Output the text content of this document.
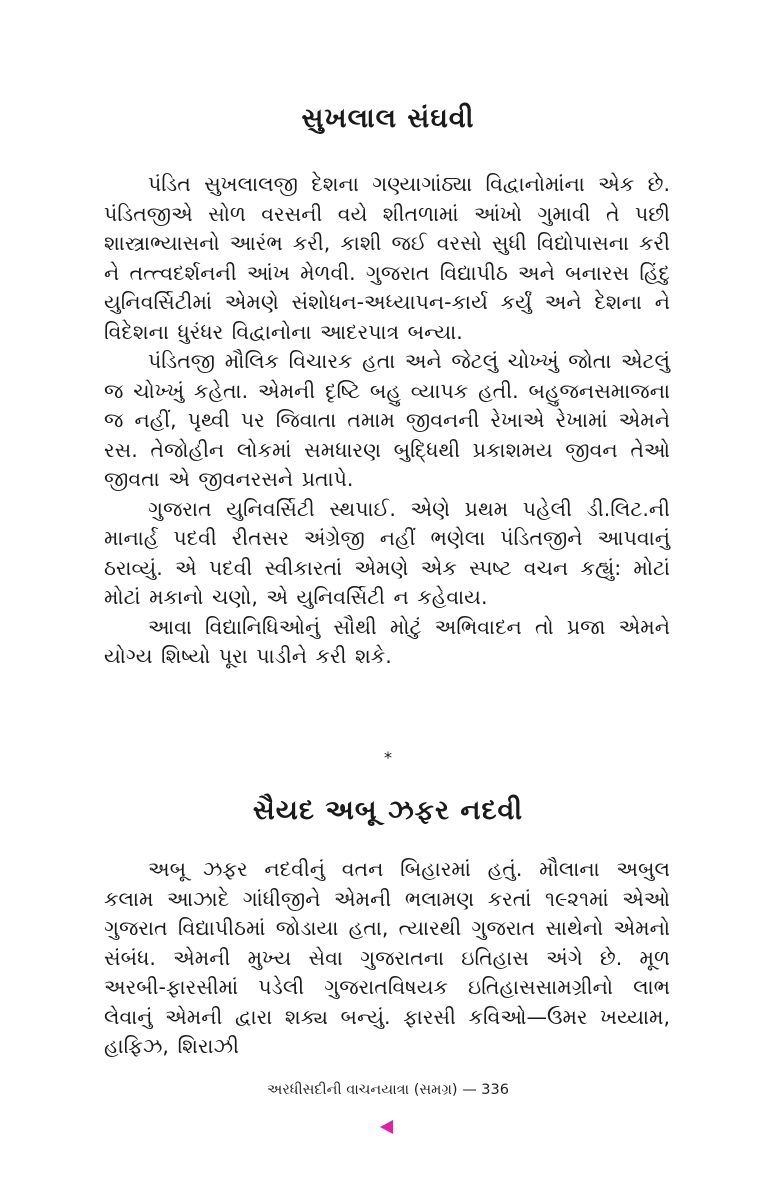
સુખલાલ સંઘવી

પંડિત સુખલાલજી દેશના ગણ્યાગાંઠ્યા વિદ્વાનોમાંના એક છે. પંડિતજીએ સોળ વરસની વયે શીતળામાં આંખો ગુમાવી તે પછી શાસ્ત્રાભ્યાસનો આરંભ કરી, કાશી જઈ વરસો સુધી વિદ્યોપાસના કરી ને તત્ત્વદર્શનની આંખ મેળવી. ગુજરાત વિદ્યાપીઠ અને બનારસ હિંદુ યુનિવર્સિટીમાં એમણે સંશોધન-અધ્યાપન-કાર્ય કર્યું અને દેશના ને વિદેશના ધુરંધર વિદ્વાનોના આદરપાત્ર બન્યા.

પંડિતજી મૌલિક વિચારક હતા અને જેટલું ચોખ્ખું જોતા એટલું જ ચોખ્ખું કહેતા. એમની દૃષ્ટિ બહુ વ્યાપક હતી. બહુજનસમાજના જ નહીં, પૃથ્વી પર જિવાતા તમામ જીવનની રેખાએ રેખામાં એમને રસ. તેજોહીન લોકમાં સમધારણ બુદ્ધિથી પ્રકાશમય જીવન તેઓ જીવતા એ જીવનરસને પ્રતાપે.

ગુજરાત યુનિવર્સિટી સ્થપાઈ. એણે પ્રથમ પહેલી ડી.લિટ.ની માનાર્હ પદવી રીતસર અંગ્રેજી નહીં ભણેલા પંડિતજીને આપવાનું ઠરાવ્યું. એ પદવી સ્વીકારતાં એમણે એક સ્પષ્ટ વચન કહ્યું: મોટાં મોટાં મકાનો ચણો, એ યુનિવર્સિટી ન કહેવાય.

આવા વિદ્યાનિધિઓનું સૌથી મોટું અભિવાદન તો પ્રજા એમને યોગ્ય શિષ્યો પૂરા પાડીને કરી શકે.

*
સૈયદ અબૂ ઝફર નદવી

અબૂ ઝફર નદવીનું વતન બિહારમાં હતું. મૌલાના અબુલ કલામ આઝાદે ગાંધીજીને એમની ભલામણ કરતાં ૧૯૨૧માં એઓ ગુજરાત વિદ્યાપીઠમાં જોડાયા હતા, ત્યારથી ગુજરાત સાથેનો એમનો સંબંધ. એમની મુખ્ય સેવા ગુજરાતના ઇતિહાસ અંગે છે. મૂળ અરબી-ફારસીમાં પડેલી ગુજરાતવિષયક ઇતિહાસસામગ્રીનો લાભ લેવાનું એમની દ્વારા શક્ય બન્યું. ફારસી કવિઓ—ઉમર ખય્યામ, હાફિઝ, શિરાઝી

અરધીસદીની વાચનયાત્રા (સમગ્ર) — 336
